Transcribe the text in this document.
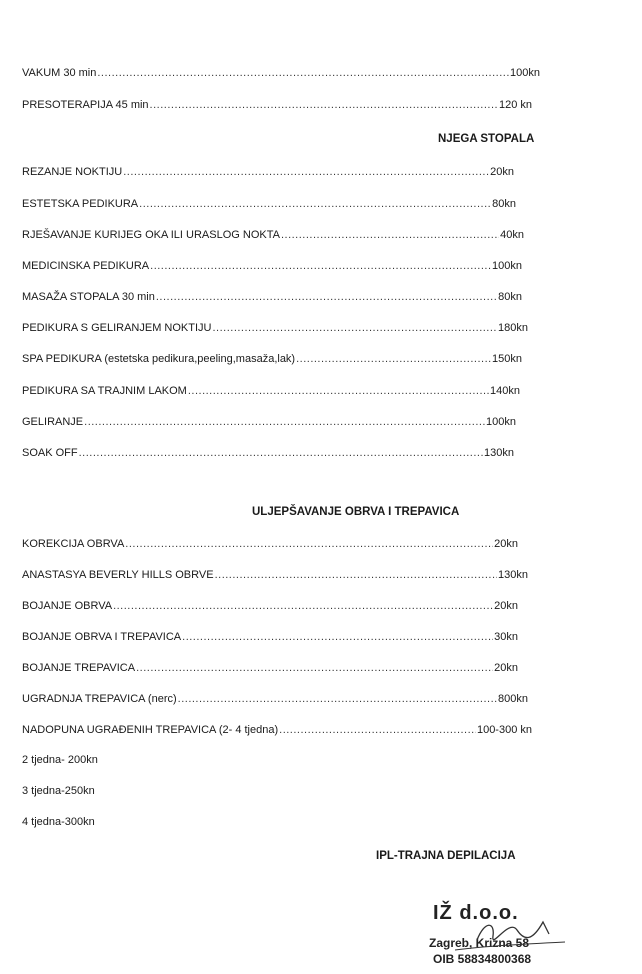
VAKUM 30 min .....	100kn
PRESOTERAPIJA 45 min .....	120 kn
NJEGA STOPALA
REZANJE NOKTIJU .....	20kn
ESTETSKA PEDIKURA .....	80kn
RJEŠAVANJE KURIJEG OKA ILI URASLOG NOKTA .....	40kn
MEDICINSKA PEDIKURA .....	100kn
MASAŽA STOPALA 30 min .....	80kn
PEDIKURA S GELIRANJEM NOKTIJU .....	180kn
SPA PEDIKURA (estetska pedikura,peeling,masaža,lak) .....	150kn
PEDIKURA SA TRAJNIM LAKOM .....	140kn
GELIRANJE .....	100kn
SOAK OFF .....	130kn
ULJEPŠAVANJE OBRVA I TREPAVICA
KOREKCIJA OBRVA .....	20kn
ANASTASYA BEVERLY HILLS OBRVE .....	130kn
BOJANJE OBRVA .....	20kn
BOJANJE OBRVA I TREPAVICA .....	30kn
BOJANJE TREPAVICA .....	20kn
UGRADNJA TREPAVICA (nerc) .....	800kn
NADOPUNA UGRAĐENIH TREPAVICA (2- 4 tjedna) .....	100-300 kn
2 tjedna- 200kn
3 tjedna-250kn
4 tjedna-300kn
IPL-TRAJNA DEPILACIJA
IŽ d.o.o.
Zagreb, Krizna 58
OIB 58834800368
